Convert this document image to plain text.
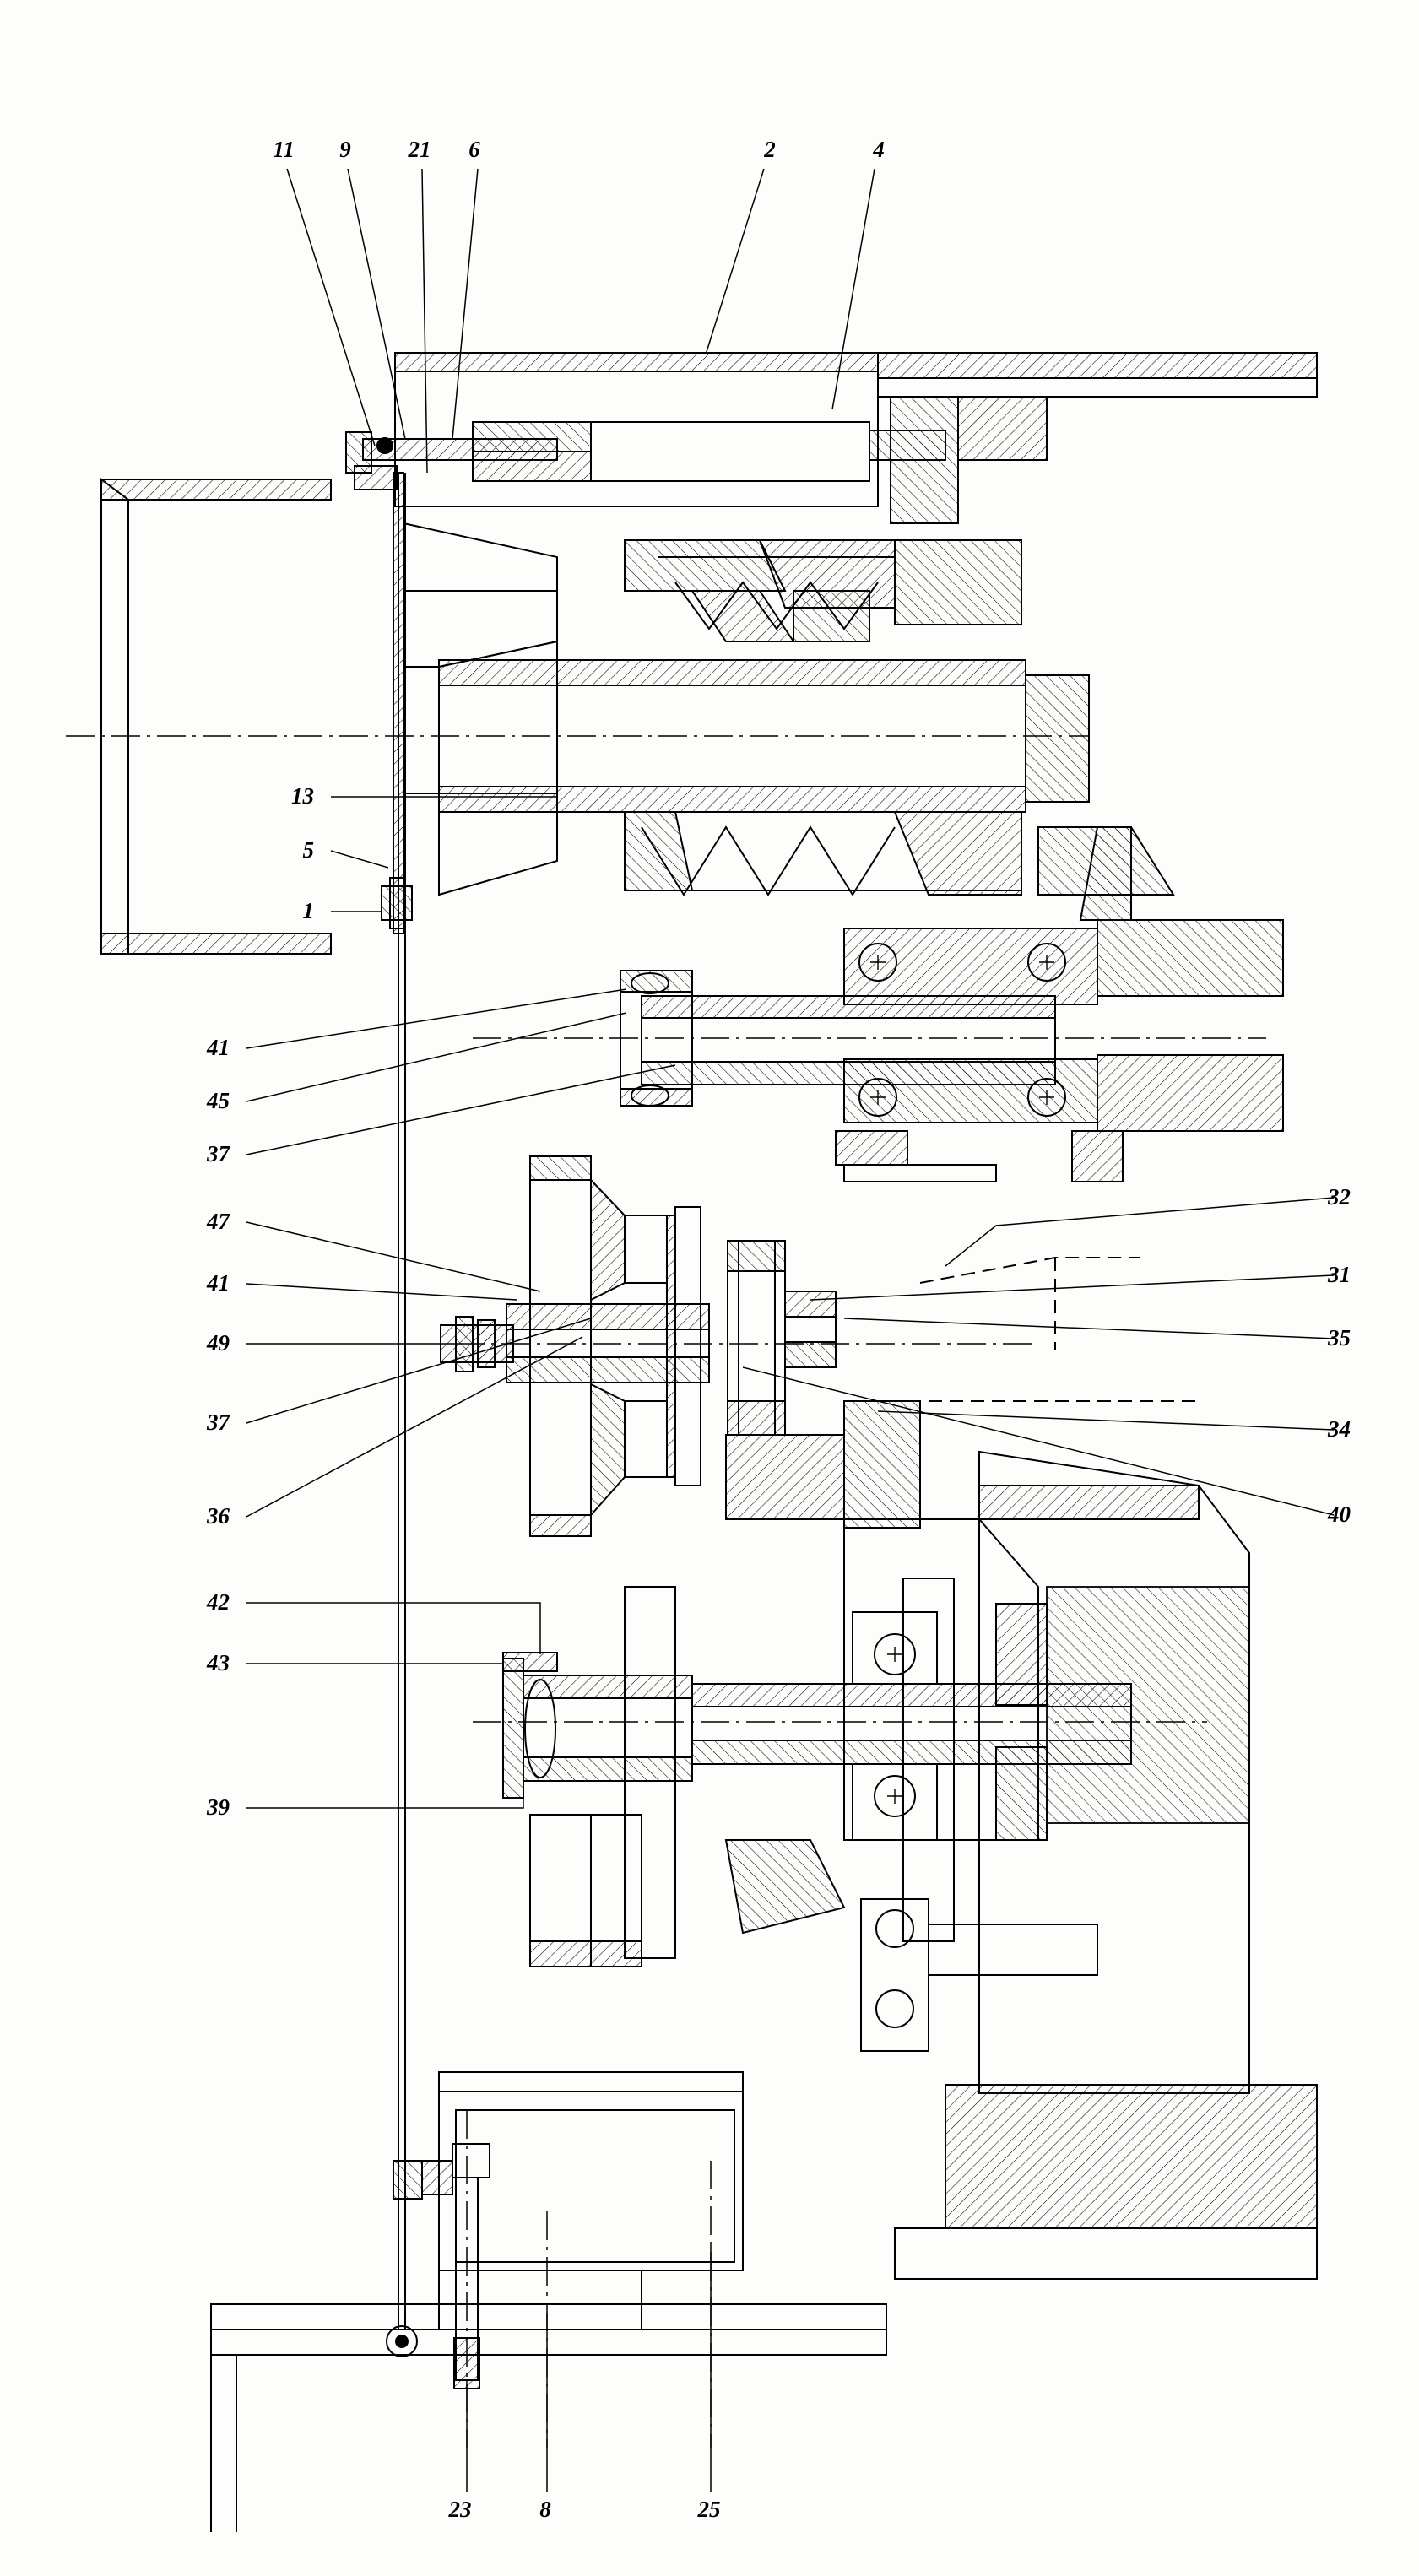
11 9	21 6	2	4
13
5
1
41
45
37
47
41
49
37
36
42
43
39
32
31
35
34
40
23	8	25
